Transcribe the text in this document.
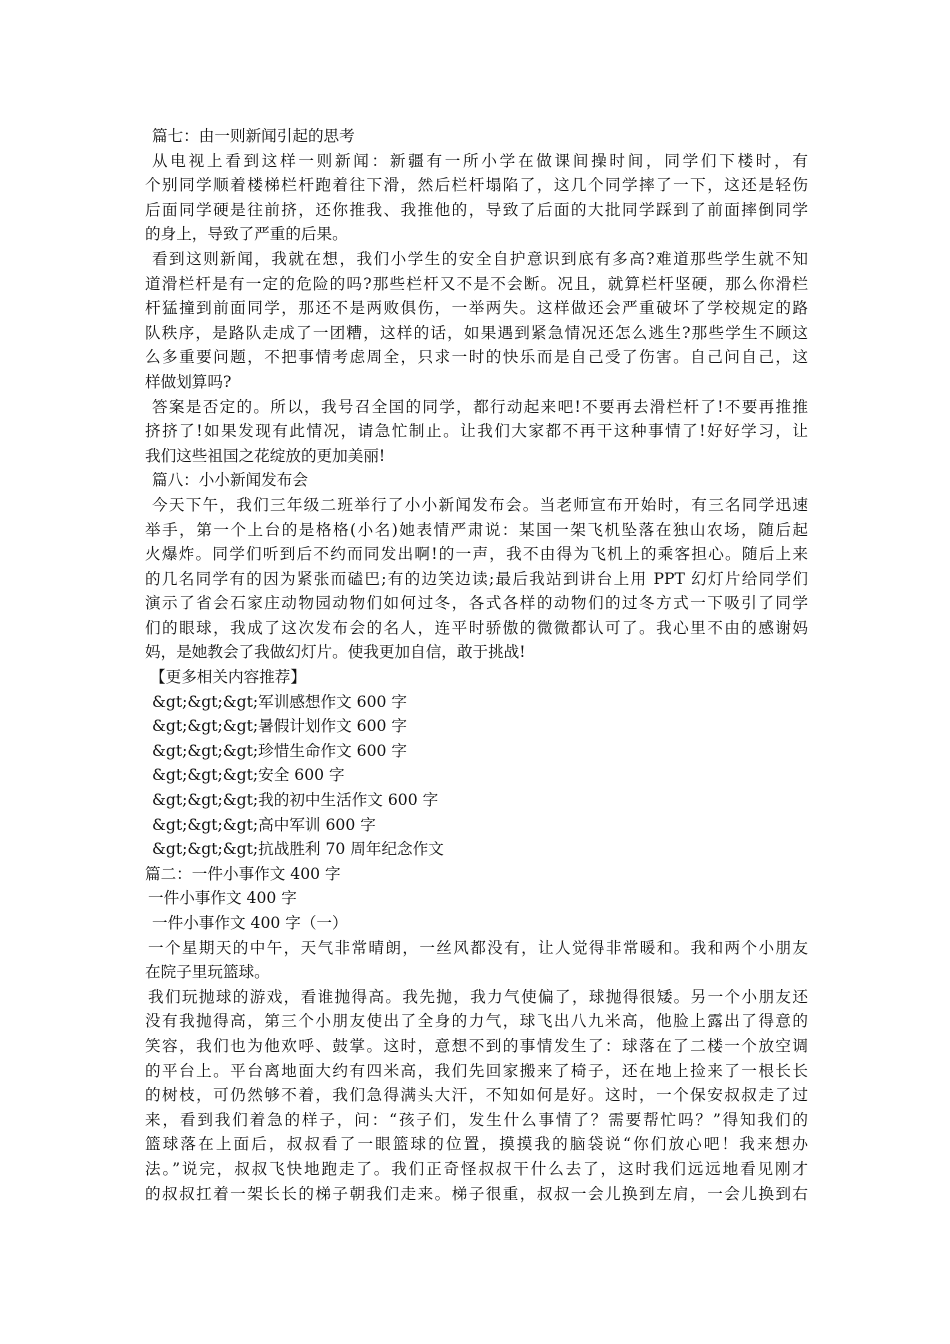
篇七：由一则新闻引起的思考
从电视上看到这样一则新闻：新疆有一所小学在做课间操时间，同学们下楼时，有
个别同学顺着楼梯栏杆跑着往下滑，然后栏杆塌陷了，这几个同学摔了一下，这还是轻伤
后面同学硬是往前挤，还你推我、我推他的，导致了后面的大批同学踩到了前面摔倒同学
的身上，导致了严重的后果。
看到这则新闻，我就在想，我们小学生的安全自护意识到底有多高?难道那些学生就不知
道滑栏杆是有一定的危险的吗?那些栏杆又不是不会断。况且，就算栏杆坚硬，那么你滑栏
杆猛撞到前面同学，那还不是两败俱伤，一举两失。这样做还会严重破坏了学校规定的路
队秩序，是路队走成了一团糟，这样的话，如果遇到紧急情况还怎么逃生?那些学生不顾这
么多重要问题，不把事情考虑周全，只求一时的快乐而是自己受了伤害。自己问自己，这
样做划算吗?
答案是否定的。所以，我号召全国的同学，都行动起来吧!不要再去滑栏杆了!不要再推推
挤挤了!如果发现有此情况，请急忙制止。让我们大家都不再干这种事情了!好好学习，让
我们这些祖国之花绽放的更加美丽!
篇八：小小新闻发布会
今天下午，我们三年级二班举行了小小新闻发布会。当老师宣布开始时，有三名同学迅速
举手，第一个上台的是格格(小名)她表情严肃说：某国一架飞机坠落在独山农场，随后起
火爆炸。同学们听到后不约而同发出啊!的一声，我不由得为飞机上的乘客担心。随后上来
的几名同学有的因为紧张而磕巴;有的边笑边读;最后我站到讲台上用 PPT 幻灯片给同学们
演示了省会石家庄动物园动物们如何过冬，各式各样的动物们的过冬方式一下吸引了同学
们的眼球，我成了这次发布会的名人，连平时骄傲的微微都认可了。我心里不由的感谢妈
妈，是她教会了我做幻灯片。使我更加自信，敢于挑战!
【更多相关内容推荐】
&gt;&gt;&gt;军训感想作文 600 字
&gt;&gt;&gt;暑假计划作文 600 字
&gt;&gt;&gt;珍惜生命作文 600 字
&gt;&gt;&gt;安全 600 字
&gt;&gt;&gt;我的初中生活作文 600 字
&gt;&gt;&gt;高中军训 600 字
&gt;&gt;&gt;抗战胜利 70 周年纪念作文
篇二：一件小事作文 400 字
一件小事作文 400 字
一件小事作文 400 字（一）
一个星期天的中午，天气非常晴朗，一丝风都没有，让人觉得非常暖和。我和两个小朋友
在院子里玩篮球。
我们玩抛球的游戏，看谁抛得高。我先抛，我力气使偏了，球抛得很矮。另一个小朋友还
没有我抛得高，第三个小朋友使出了全身的力气，球飞出八九米高，他脸上露出了得意的
笑容，我们也为他欢呼、鼓掌。这时，意想不到的事情发生了：球落在了二楼一个放空调
的平台上。平台离地面大约有四米高，我们先回家搬来了椅子，还在地上捡来了一根长长
的树枝，可仍然够不着，我们急得满头大汗，不知如何是好。这时，一个保安叔叔走了过
来，看到我们着急的样子，问：“孩子们，发生什么事情了？需要帮忙吗？”得知我们的
篮球落在上面后，叔叔看了一眼篮球的位置，摸摸我的脑袋说“你们放心吧！我来想办
法。”说完，叔叔飞快地跑走了。我们正奇怪叔叔干什么去了，这时我们远远地看见刚才
的叔叔扛着一架长长的梯子朝我们走来。梯子很重，叔叔一会儿换到左肩，一会儿换到右
